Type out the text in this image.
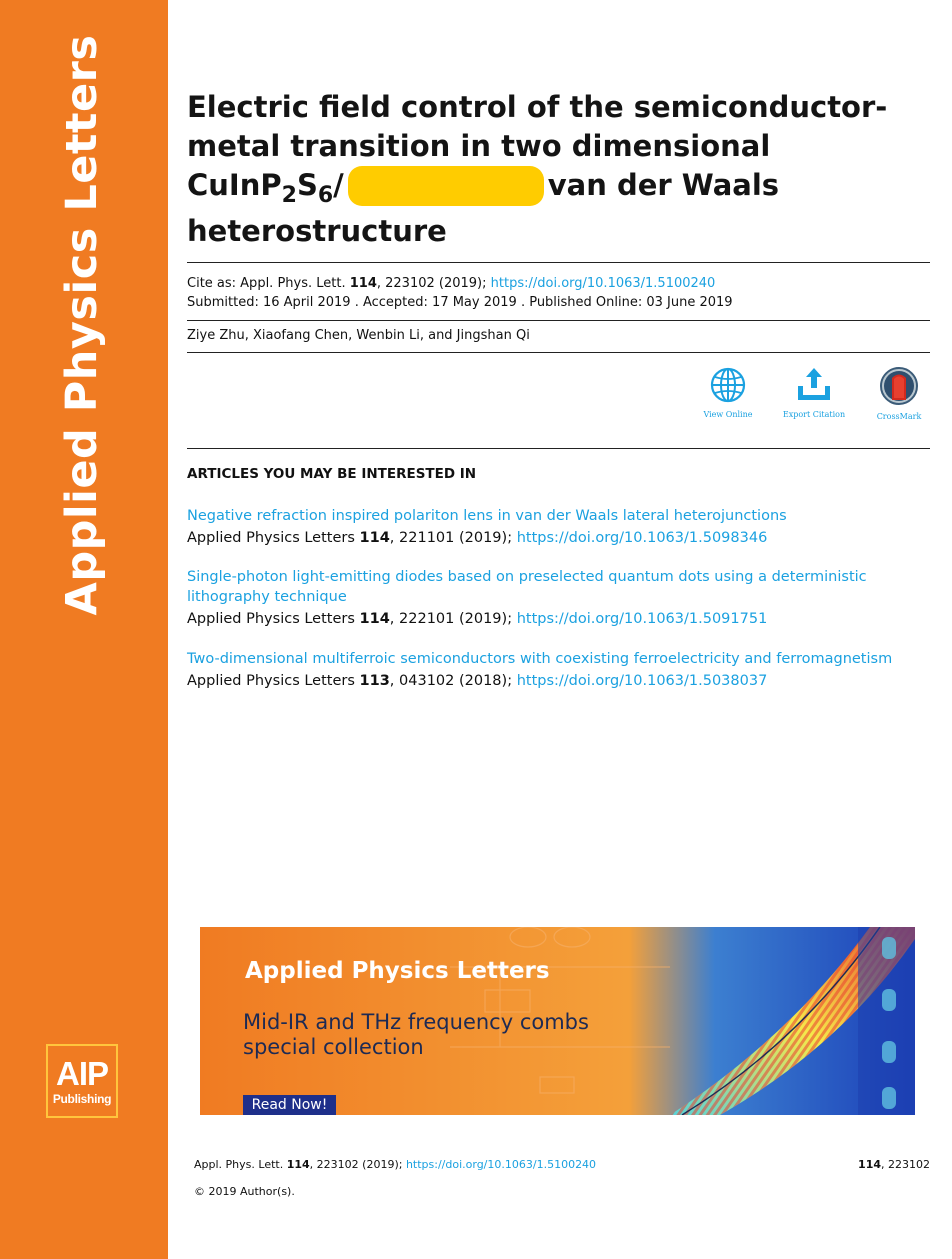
Applied Physics Letters
AIP
Publishing
Electric field control of the semiconductor-
metal transition in two dimensional
$CuInP_2S_6/$	van der Waals
heterostructure
Cite as: Appl. Phys. Lett. 114, 223102 (2019); https://doi.org/10.1063/1.5100240
Submitted: 16 April 2019 . Accepted: 17 May 2019 . Published Online: 03 June 2019
Ziye Zhu, Xiaofang Chen, Wenbin Li, and Jingshan Qi
View Online	Export Citation	CrossMark
ARTICLES YOU MAY BE INTERESTED IN
Negative refraction inspired polariton lens in van der Waals lateral heterojunctions
Applied Physics Letters 114, 221101 (2019); https://doi.org/10.1063/1.5098346
Single-photon light-emitting diodes based on preselected quantum dots using a deterministic lithography technique
Applied Physics Letters 114, 222101 (2019); https://doi.org/10.1063/1.5091751
Two-dimensional multiferroic semiconductors with coexisting ferroelectricity and ferromagnetism
Applied Physics Letters 113, 043102 (2018); https://doi.org/10.1063/1.5038037
Applied Physics Letters
Mid-IR and THz frequency combs
special collection
Read Now!
Appl. Phys. Lett. 114, 223102 (2019); https://doi.org/10.1063/1.5100240	114, 223102
© 2019 Author(s).
